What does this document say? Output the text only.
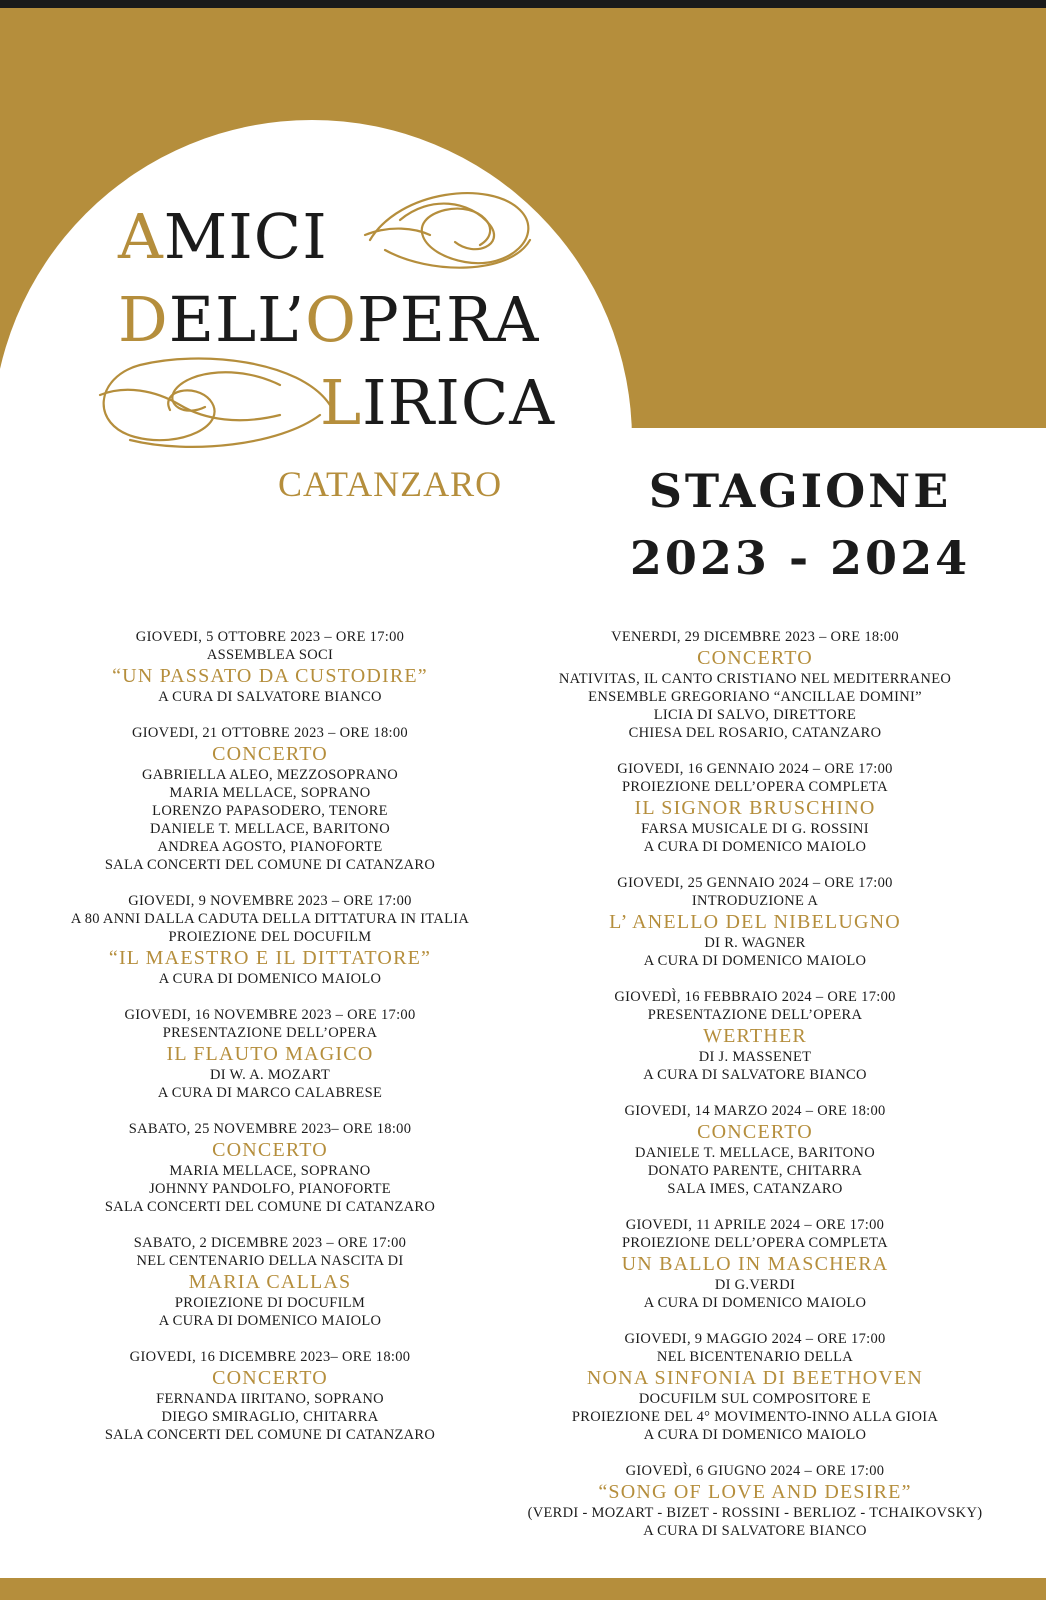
AMICI
DELL’OPERA
LIRICA
CATANZARO	STAGIONE
2023 - 2024
GIOVEDI, 5 OTTOBRE 2023 – ORE 17:00
ASSEMBLEA SOCI
“UN PASSATO DA CUSTODIRE”
A CURA DI SALVATORE BIANCO
GIOVEDI, 21 OTTOBRE 2023 – ORE 18:00
CONCERTO
GABRIELLA ALEO, MEZZOSOPRANO
MARIA MELLACE, SOPRANO
LORENZO PAPASODERO, TENORE
DANIELE T. MELLACE, BARITONO
ANDREA AGOSTO, PIANOFORTE
SALA CONCERTI DEL COMUNE DI CATANZARO
GIOVEDI, 9 NOVEMBRE 2023 – ORE 17:00
A 80 ANNI DALLA CADUTA DELLA DITTATURA IN ITALIA
PROIEZIONE DEL DOCUFILM
“IL MAESTRO E IL DITTATORE”
A CURA DI DOMENICO MAIOLO
GIOVEDI, 16 NOVEMBRE 2023 – ORE 17:00
PRESENTAZIONE DELL’OPERA
IL FLAUTO MAGICO
DI W. A. MOZART
A CURA DI MARCO CALABRESE
SABATO, 25 NOVEMBRE 2023– ORE 18:00
CONCERTO
MARIA MELLACE, SOPRANO
JOHNNY PANDOLFO, PIANOFORTE
SALA CONCERTI DEL COMUNE DI CATANZARO
SABATO, 2 DICEMBRE 2023 – ORE 17:00
NEL CENTENARIO DELLA NASCITA DI
MARIA CALLAS
PROIEZIONE DI DOCUFILM
A CURA DI DOMENICO MAIOLO
GIOVEDI, 16 DICEMBRE 2023– ORE 18:00
CONCERTO
FERNANDA IIRITANO, SOPRANO
DIEGO SMIRAGLIO, CHITARRA
SALA CONCERTI DEL COMUNE DI CATANZARO
VENERDI, 29 DICEMBRE 2023 – ORE 18:00
CONCERTO
NATIVITAS, IL CANTO CRISTIANO NEL MEDITERRANEO
ENSEMBLE GREGORIANO “ANCILLAE DOMINI”
LICIA DI SALVO, DIRETTORE
CHIESA DEL ROSARIO, CATANZARO
GIOVEDI, 16 GENNAIO 2024 – ORE 17:00
PROIEZIONE DELL’OPERA COMPLETA
IL SIGNOR BRUSCHINO
FARSA MUSICALE DI G. ROSSINI
A CURA DI DOMENICO MAIOLO
GIOVEDI, 25 GENNAIO 2024 – ORE 17:00
INTRODUZIONE A
L’ ANELLO DEL NIBELUGNO
DI R. WAGNER
A CURA DI DOMENICO MAIOLO
GIOVEDÌ, 16 FEBBRAIO 2024 – ORE 17:00
PRESENTAZIONE DELL’OPERA
WERTHER
DI J. MASSENET
A CURA DI SALVATORE BIANCO
GIOVEDI, 14 MARZO 2024 – ORE 18:00
CONCERTO
DANIELE T. MELLACE, BARITONO
DONATO PARENTE, CHITARRA
SALA IMES, CATANZARO
GIOVEDI, 11 APRILE 2024 – ORE 17:00
PROIEZIONE DELL’OPERA COMPLETA
UN BALLO IN MASCHERA
DI G.VERDI
A CURA DI DOMENICO MAIOLO
GIOVEDI, 9 MAGGIO 2024 – ORE 17:00
NEL BICENTENARIO DELLA
NONA SINFONIA DI BEETHOVEN
DOCUFILM SUL COMPOSITORE E
PROIEZIONE DEL 4° MOVIMENTO-INNO ALLA GIOIA
A CURA DI DOMENICO MAIOLO
GIOVEDÌ, 6 GIUGNO 2024 – ORE 17:00
“SONG OF LOVE AND DESIRE”
(VERDI - MOZART - BIZET - ROSSINI - BERLIOZ - TCHAIKOVSKY)
A CURA DI SALVATORE BIANCO
